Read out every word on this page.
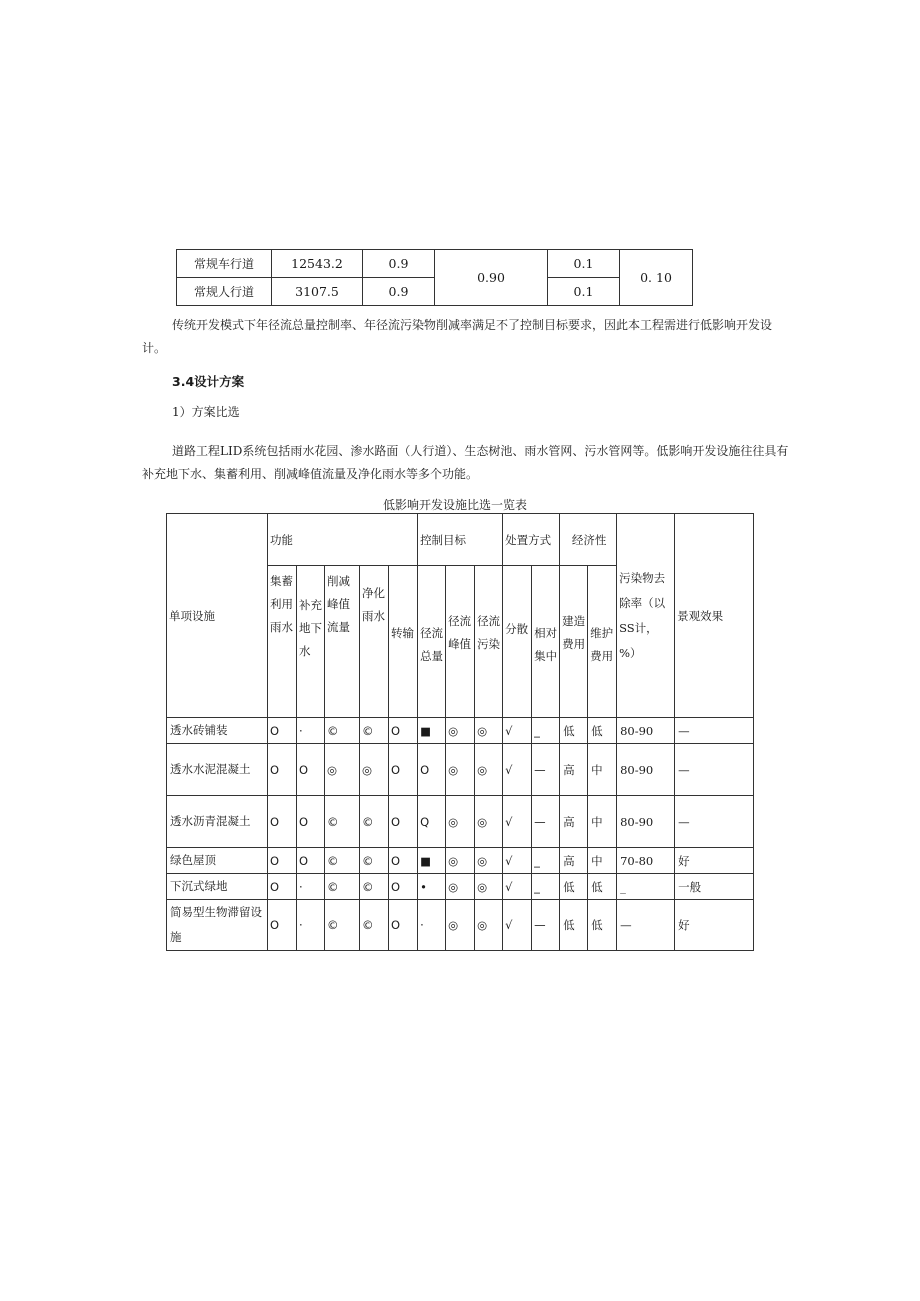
常规车行道	12543.2	0.9	0.90	0.1	0. 10
常规人行道	3107.5	0.9		0.1	
传统开发模式下年径流总量控制率、年径流污染物削减率满足不了控制目标要求，因此本工程需进行低影响开发设计。
3.4设计方案
1）方案比选
道路工程LID系统包括雨水花园、渗水路面（人行道）、生态树池、雨水管网、污水管网等。低影响开发设施往往具有补充地下水、集蓄利用、削减峰值流量及净化雨水等多个功能。
低影响开发设施比选一览表
单项设施	功能					控制目标			处置方式		经济性		污染物去除率（以SS计，%）	景观效果
	集蓄利用雨水	补充地下水	削减峰值流量	净化雨水	转输	径流总量	径流峰值	径流污染	分散	相对集中	建造费用	维护费用		
透水砖铺装	O	·	©	©	O	■	◎	◎	√	_	低	低	80-90	—
透水水泥混凝土	O	O	◎	◎	O	O	◎	◎	√	—	高	中	80-90	—
透水沥青混凝土	O	O	©	©	O	Q	◎	◎	√	—	高	中	80-90	—
绿色屋顶	O	O	©	©	O	■	◎	◎	√	_	高	中	70-80	好
下沉式绿地	O	·	©	©	O	•	◎	◎	√	_	低	低	_	一般
简易型生物滞留设施	O	·	©	©	O	·	◎	◎	√	—	低	低	—	好
